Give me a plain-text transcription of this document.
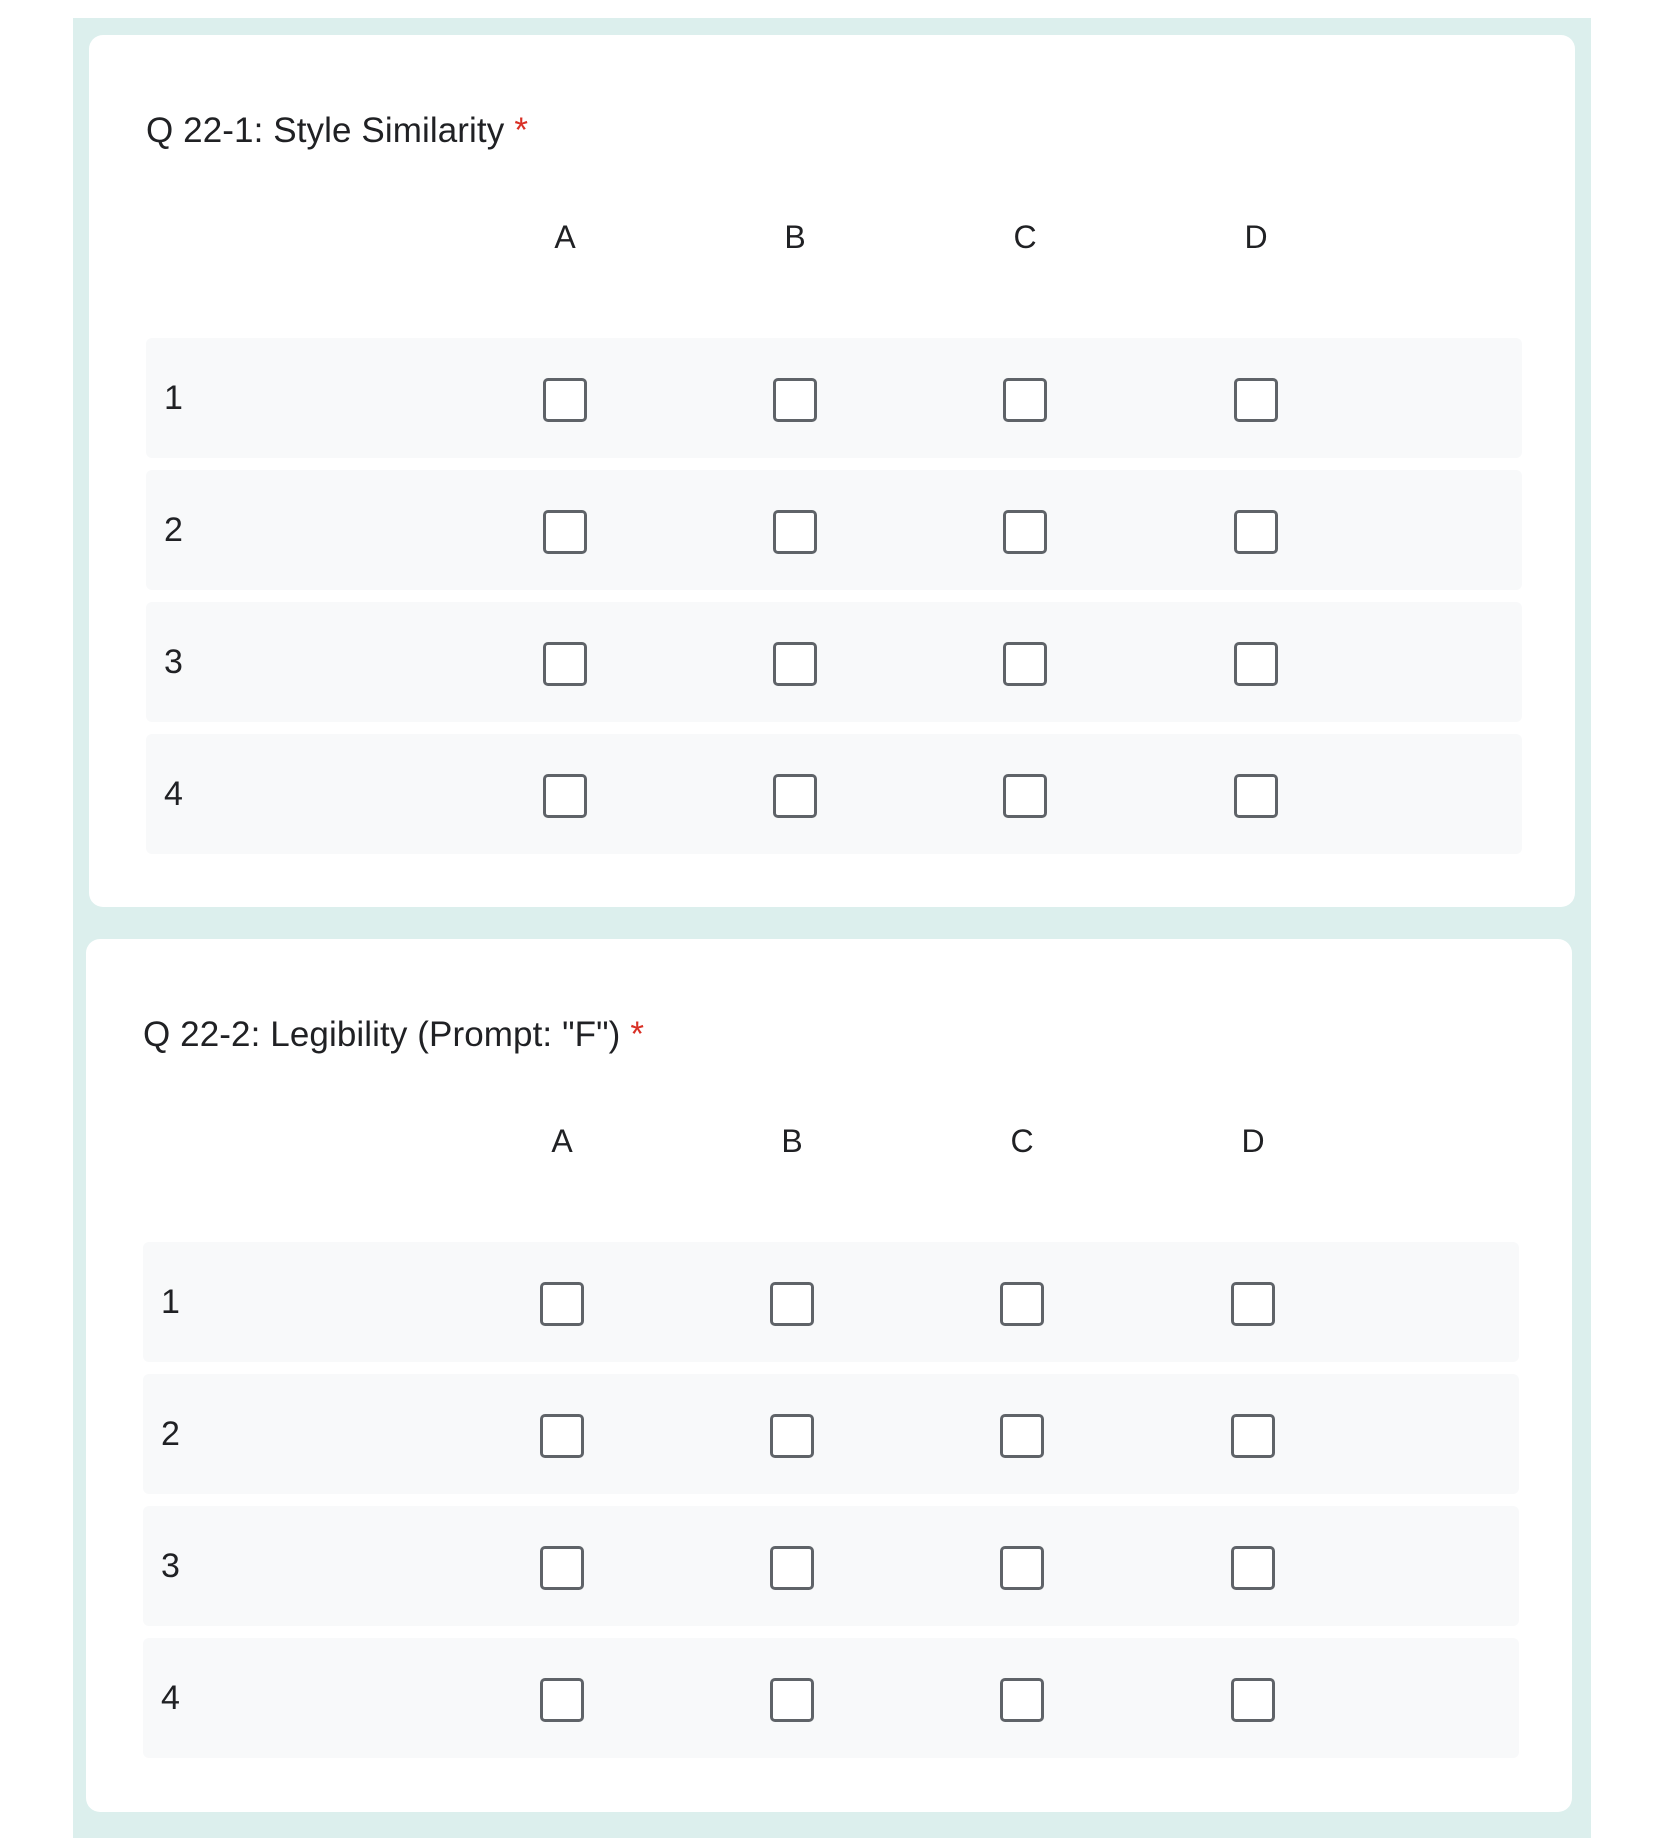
Q 22-1: Style Similarity *
A	B	C	D
1
2
3
4
Q 22-2: Legibility (Prompt: "F") *
A	B	C	D
1
2
3
4
